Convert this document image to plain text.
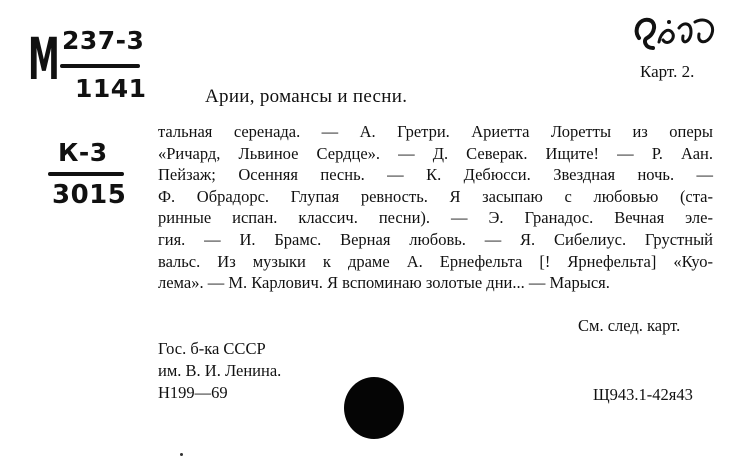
М 237-3
1141
К-3
3015
Карт. 2.
Арии, романсы и песни.
тальная серенада. — А. Гретри. Ариетта Лоретты из оперы
«Ричард, Львиное Сердце». — Д. Северак. Ищите! — Р. Аан.
Пейзаж; Осенняя песнь. — К. Дебюсси. Звездная ночь. —
Ф. Обрадорс. Глупая ревность. Я засыпаю с любовью (ста-
ринные испан. классич. песни). — Э. Гранадос. Вечная эле-
гия. — И. Брамс. Верная любовь. — Я. Сибелиус. Грустный
вальс. Из музыки к драме А. Ернефельта [! Ярнефельта] «Куо-
лема». — М. Карлович. Я вспоминаю золотые дни... — Марыся.
См. след. карт.
Гос. б-ка СССР
им. В. И. Ленина.
Н199—69	Щ943.1-42я43
